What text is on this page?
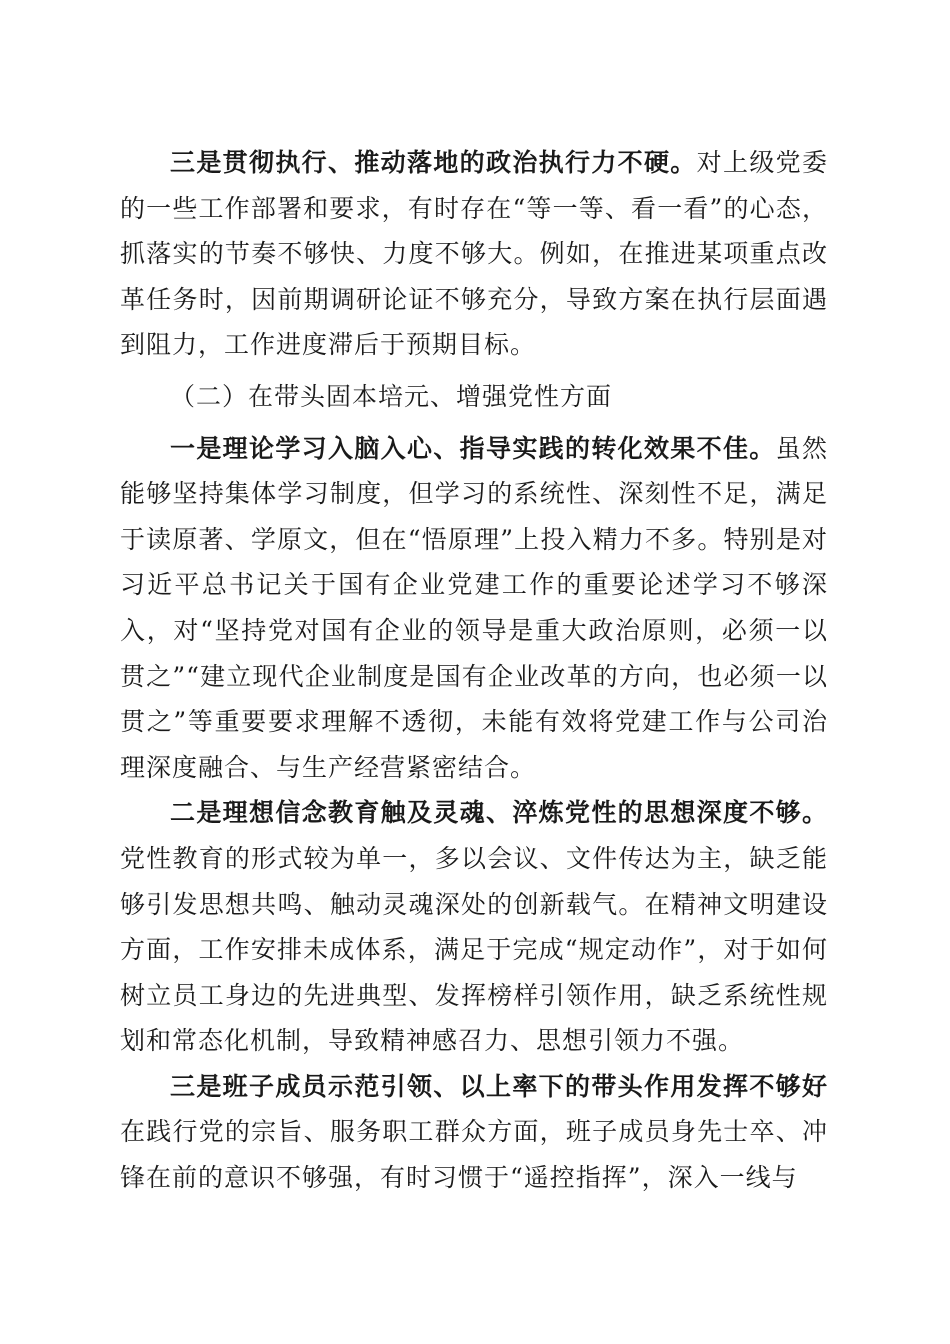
三是贯彻执行、推动落地的政治执行力不硬。对上级党委的一些工作部署和要求，有时存在“等一等、看一看”的心态，抓落实的节奏不够快、力度不够大。例如，在推进某项重点改革任务时，因前期调研论证不够充分，导致方案在执行层面遇到阻力，工作进度滞后于预期目标。

（二）在带头固本培元、增强党性方面

一是理论学习入脑入心、指导实践的转化效果不佳。虽然能够坚持集体学习制度，但学习的系统性、深刻性不足，满足于读原著、学原文，但在“悟原理”上投入精力不多。特别是对习近平总书记关于国有企业党建工作的重要论述学习不够深入，对“坚持党对国有企业的领导是重大政治原则，必须一以贯之”“建立现代企业制度是国有企业改革的方向，也必须一以贯之”等重要要求理解不透彻，未能有效将党建工作与公司治理深度融合、与生产经营紧密结合。

二是理想信念教育触及灵魂、淬炼党性的思想深度不够。党性教育的形式较为单一，多以会议、文件传达为主，缺乏能够引发思想共鸣、触动灵魂深处的创新载气。在精神文明建设方面，工作安排未成体系，满足于完成“规定动作”，对于如何树立员工身边的先进典型、发挥榜样引领作用，缺乏系统性规划和常态化机制，导致精神感召力、思想引领力不强。

三是班子成员示范引领、以上率下的带头作用发挥不够好在践行党的宗旨、服务职工群众方面，班子成员身先士卒、冲锋在前的意识不够强，有时习惯于“遥控指挥”，深入一线与
